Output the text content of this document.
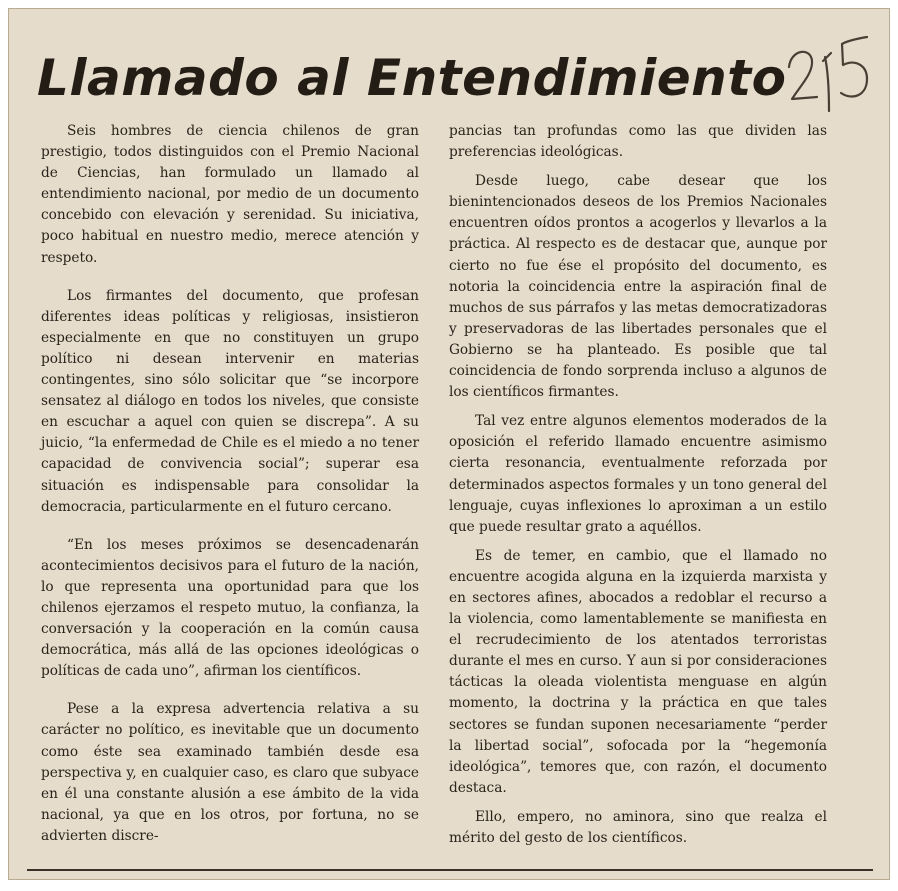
Llamado al Entendimiento

Seis hombres de ciencia chilenos de gran prestigio, todos distinguidos con el Premio Nacional de Ciencias, han formulado un llamado al entendimiento nacional, por medio de un documento concebido con elevación y serenidad. Su iniciativa, poco habitual en nuestro medio, merece atención y respeto.

Los firmantes del documento, que profesan diferentes ideas políticas y religiosas, insistieron especialmente en que no constituyen un grupo político ni desean intervenir en materias contingentes, sino sólo solicitar que “se incorpore sensatez al diálogo en todos los niveles, que consiste en escuchar a aquel con quien se discrepa”. A su juicio, “la enfermedad de Chile es el miedo a no tener capacidad de convivencia social”; superar esa situación es indispensable para consolidar la democracia, particularmente en el futuro cercano.

“En los meses próximos se desencadenarán acontecimientos decisivos para el futuro de la nación, lo que representa una oportunidad para que los chilenos ejerzamos el respeto mutuo, la confianza, la conversación y la cooperación en la común causa democrática, más allá de las opciones ideológicas o políticas de cada uno”, afirman los científicos.

Pese a la expresa advertencia relativa a su carácter no político, es inevitable que un documento como éste sea examinado también desde esa perspectiva y, en cualquier caso, es claro que subyace en él una constante alusión a ese ámbito de la vida nacional, ya que en los otros, por fortuna, no se advierten discre-

pancias tan profundas como las que dividen las preferencias ideológicas.

Desde luego, cabe desear que los bienintencionados deseos de los Premios Nacionales encuentren oídos prontos a acogerlos y llevarlos a la práctica. Al respecto es de destacar que, aunque por cierto no fue ése el propósito del documento, es notoria la coincidencia entre la aspiración final de muchos de sus párrafos y las metas democratizadoras y preservadoras de las libertades personales que el Gobierno se ha planteado. Es posible que tal coincidencia de fondo sorprenda incluso a algunos de los científicos firmantes.

Tal vez entre algunos elementos moderados de la oposición el referido llamado encuentre asimismo cierta resonancia, eventualmente reforzada por determinados aspectos formales y un tono general del lenguaje, cuyas inflexiones lo aproximan a un estilo que puede resultar grato a aquéllos.

Es de temer, en cambio, que el llamado no encuentre acogida alguna en la izquierda marxista y en sectores afines, abocados a redoblar el recurso a la violencia, como lamentablemente se manifiesta en el recrudecimiento de los atentados terroristas durante el mes en curso. Y aun si por consideraciones tácticas la oleada violentista menguase en algún momento, la doctrina y la práctica en que tales sectores se fundan suponen necesariamente “perder la libertad social”, sofocada por la “hegemonía ideológica”, temores que, con razón, el documento destaca.

Ello, empero, no aminora, sino que realza el mérito del gesto de los científicos.
